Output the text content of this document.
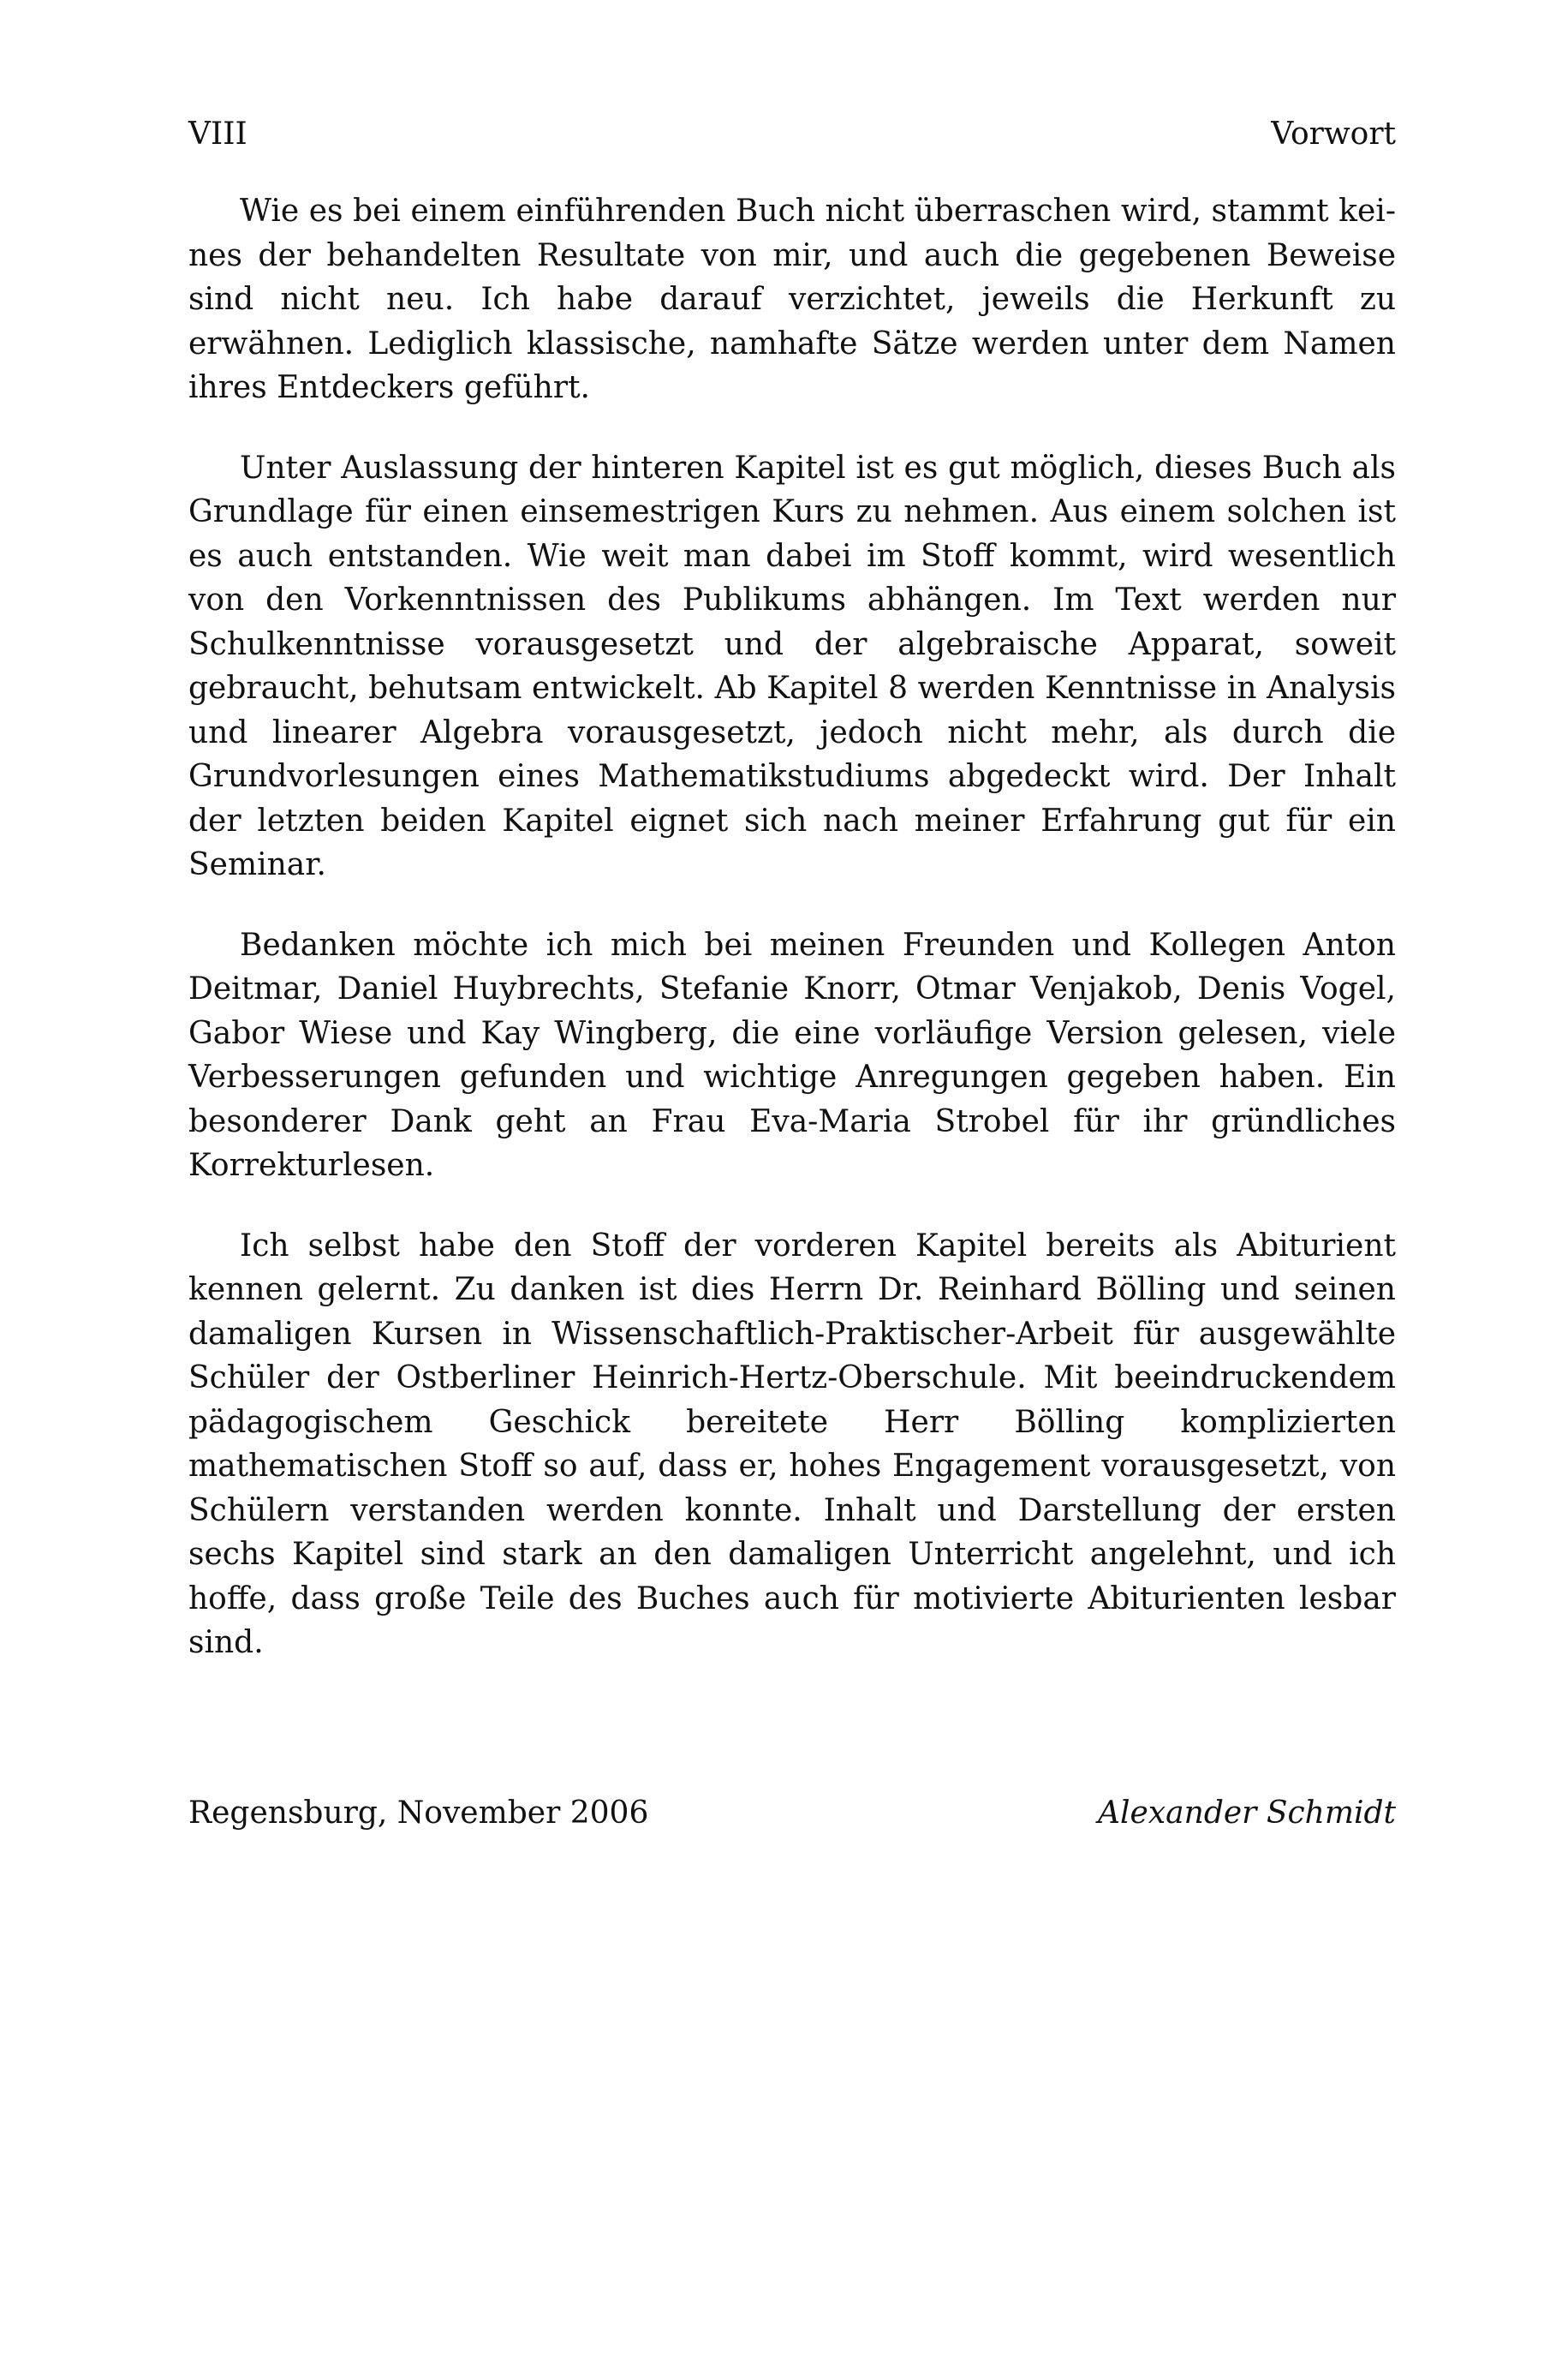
VIII	Vorwort

Wie es bei einem einführenden Buch nicht überraschen wird, stammt keines der behandelten Resultate von mir, und auch die gegebenen Beweise sind nicht neu. Ich habe darauf verzichtet, jeweils die Herkunft zu erwähnen. Lediglich klassische, namhafte Sätze werden unter dem Namen ihres Entdeckers geführt.

Unter Auslassung der hinteren Kapitel ist es gut möglich, dieses Buch als Grundlage für einen einsemestrigen Kurs zu nehmen. Aus einem solchen ist es auch entstanden. Wie weit man dabei im Stoff kommt, wird wesentlich von den Vorkenntnissen des Publikums abhängen. Im Text werden nur Schulkenntnisse vorausgesetzt und der algebraische Apparat, soweit gebraucht, behutsam entwickelt. Ab Kapitel 8 werden Kenntnisse in Analysis und linearer Algebra vorausgesetzt, jedoch nicht mehr, als durch die Grundvorlesungen eines Mathematikstudiums abgedeckt wird. Der Inhalt der letzten beiden Kapitel eignet sich nach meiner Erfahrung gut für ein Seminar.

Bedanken möchte ich mich bei meinen Freunden und Kollegen Anton Deitmar, Daniel Huybrechts, Stefanie Knorr, Otmar Venjakob, Denis Vogel, Gabor Wiese und Kay Wingberg, die eine vorläufige Version gelesen, viele Verbesserungen gefunden und wichtige Anregungen gegeben haben. Ein besonderer Dank geht an Frau Eva-Maria Strobel für ihr gründliches Korrekturlesen.

Ich selbst habe den Stoff der vorderen Kapitel bereits als Abiturient kennen gelernt. Zu danken ist dies Herrn Dr. Reinhard Bölling und seinen damaligen Kursen in Wissenschaftlich-Praktischer-Arbeit für ausgewählte Schüler der Ostberliner Heinrich-Hertz-Oberschule. Mit beeindruckendem pädagogischem Geschick bereitete Herr Bölling komplizierten mathematischen Stoff so auf, dass er, hohes Engagement vorausgesetzt, von Schülern verstanden werden konnte. Inhalt und Darstellung der ersten sechs Kapitel sind stark an den damaligen Unterricht angelehnt, und ich hoffe, dass große Teile des Buches auch für motivierte Abiturienten lesbar sind.

Regensburg, November 2006	Alexander Schmidt
